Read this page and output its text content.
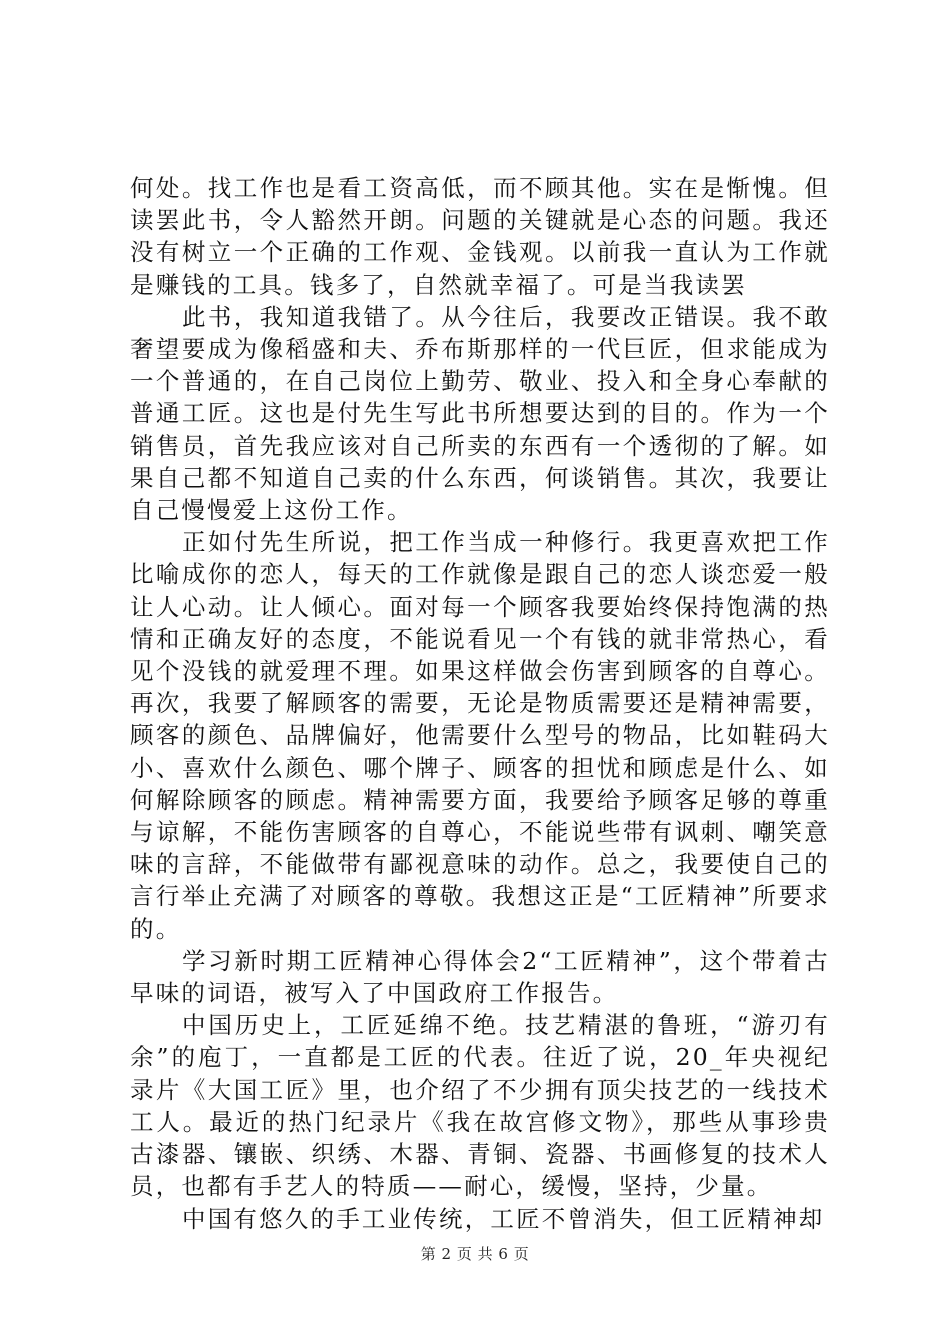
何处。找工作也是看工资高低，而不顾其他。实在是惭愧。但读罢此书，令人豁然开朗。问题的关键就是心态的问题。我还没有树立一个正确的工作观、金钱观。以前我一直认为工作就是赚钱的工具。钱多了，自然就幸福了。可是当我读罢

此书，我知道我错了。从今往后，我要改正错误。我不敢奢望要成为像稻盛和夫、乔布斯那样的一代巨匠，但求能成为一个普通的，在自己岗位上勤劳、敬业、投入和全身心奉献的普通工匠。这也是付先生写此书所想要达到的目的。作为一个销售员，首先我应该对自己所卖的东西有一个透彻的了解。如果自己都不知道自己卖的什么东西，何谈销售。其次，我要让自己慢慢爱上这份工作。

正如付先生所说，把工作当成一种修行。我更喜欢把工作比喻成你的恋人，每天的工作就像是跟自己的恋人谈恋爱一般让人心动。让人倾心。面对每一个顾客我要始终保持饱满的热情和正确友好的态度，不能说看见一个有钱的就非常热心，看见个没钱的就爱理不理。如果这样做会伤害到顾客的自尊心。再次，我要了解顾客的需要，无论是物质需要还是精神需要，顾客的颜色、品牌偏好，他需要什么型号的物品，比如鞋码大小、喜欢什么颜色、哪个牌子、顾客的担忧和顾虑是什么、如何解除顾客的顾虑。精神需要方面，我要给予顾客足够的尊重与谅解，不能伤害顾客的自尊心，不能说些带有讽刺、嘲笑意味的言辞，不能做带有鄙视意味的动作。总之，我要使自己的言行举止充满了对顾客的尊敬。我想这正是“工匠精神”所要求的。

学习新时期工匠精神心得体会2“工匠精神”，这个带着古早味的词语，被写入了中国政府工作报告。

中国历史上，工匠延绵不绝。技艺精湛的鲁班，“游刃有余”的庖丁，一直都是工匠的代表。往近了说，20_年央视纪录片《大国工匠》里，也介绍了不少拥有顶尖技艺的一线技术工人。最近的热门纪录片《我在故宫修文物》，那些从事珍贵古漆器、镶嵌、织绣、木器、青铜、瓷器、书画修复的技术人员，也都有手艺人的特质——耐心，缓慢，坚持，少量。

中国有悠久的手工业传统，工匠不曾消失，但工匠精神却

第 2 页 共 6 页
